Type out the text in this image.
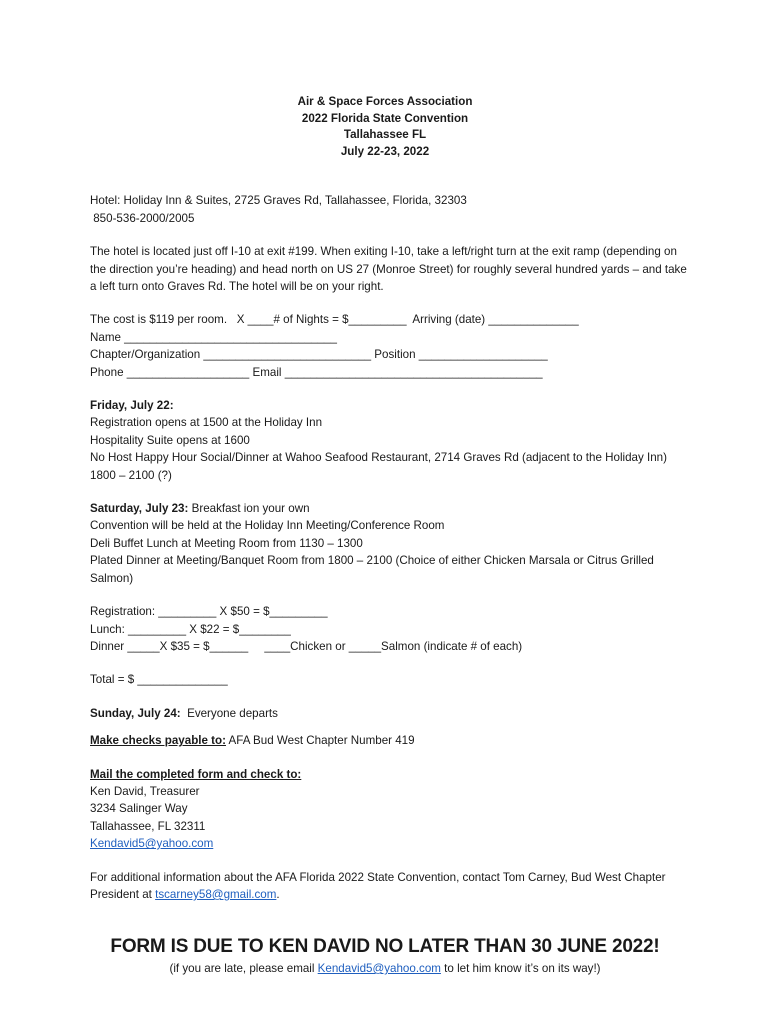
Air & Space Forces Association
2022 Florida State Convention
Tallahassee FL
July 22-23, 2022
Hotel: Holiday Inn & Suites, 2725 Graves Rd, Tallahassee, Florida, 32303
850-536-2000/2005
The hotel is located just off I-10 at exit #199. When exiting I-10, take a left/right turn at the exit ramp (depending on the direction you’re heading) and head north on US 27 (Monroe Street) for roughly several hundred yards – and take a left turn onto Graves Rd. The hotel will be on your right.
The cost is $119 per room.   X ____# of Nights = $_________  Arriving (date) ______________
Name _________________________________
Chapter/Organization __________________________ Position ____________________
Phone ___________________ Email ________________________________________
Friday, July 22:
Registration opens at 1500 at the Holiday Inn
Hospitality Suite opens at 1600
No Host Happy Hour Social/Dinner at Wahoo Seafood Restaurant, 2714 Graves Rd (adjacent to the Holiday Inn) 1800 – 2100 (?)
Saturday, July 23: Breakfast ion your own
Convention will be held at the Holiday Inn Meeting/Conference Room
Deli Buffet Lunch at Meeting Room from 1130 – 1300
Plated Dinner at Meeting/Banquet Room from 1800 – 2100 (Choice of either Chicken Marsala or Citrus Grilled Salmon)
Registration: _________ X $50 = $_________
Lunch: _________ X $22 = $________
Dinner _____X $35 = $______     ____Chicken or _____Salmon (indicate # of each)
Total = $ ______________
Sunday, July 24:  Everyone departs
Make checks payable to: AFA Bud West Chapter Number 419
Mail the completed form and check to:
Ken David, Treasurer
3234 Salinger Way
Tallahassee, FL 32311
Kendavid5@yahoo.com
For additional information about the AFA Florida 2022 State Convention, contact Tom Carney, Bud West Chapter President at tscarney58@gmail.com.
FORM IS DUE TO KEN DAVID NO LATER THAN 30 JUNE 2022!
(if you are late, please email Kendavid5@yahoo.com to let him know it’s on its way!)
